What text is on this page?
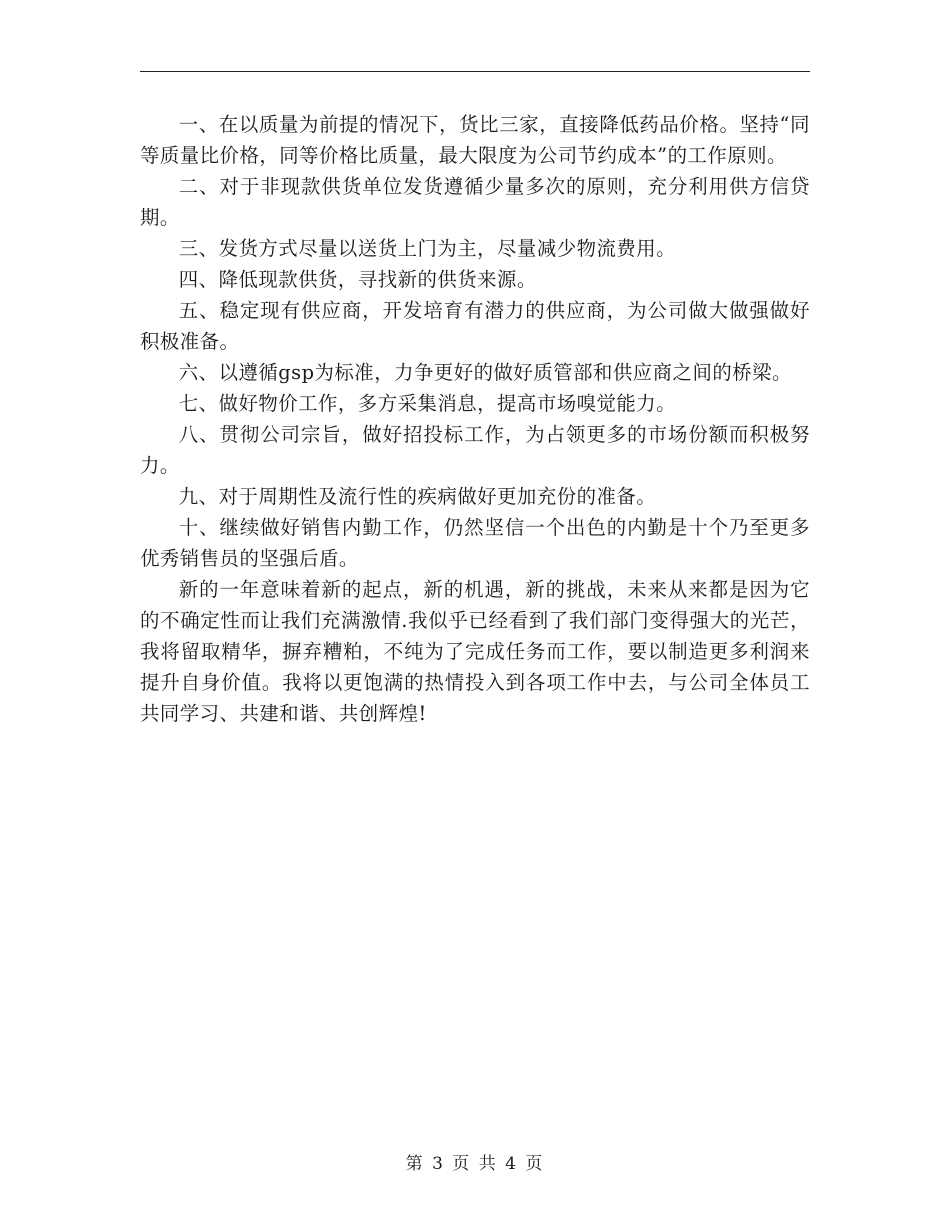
一、在以质量为前提的情况下，货比三家，直接降低药品价格。坚持“同等质量比价格，同等价格比质量，最大限度为公司节约成本”的工作原则。

二、对于非现款供货单位发货遵循少量多次的原则，充分利用供方信贷期。

三、发货方式尽量以送货上门为主，尽量减少物流费用。

四、降低现款供货，寻找新的供货来源。

五、稳定现有供应商，开发培育有潜力的供应商，为公司做大做强做好积极准备。

六、以遵循gsp为标准，力争更好的做好质管部和供应商之间的桥梁。

七、做好物价工作，多方采集消息，提高市场嗅觉能力。

八、贯彻公司宗旨，做好招投标工作，为占领更多的市场份额而积极努力。

九、对于周期性及流行性的疾病做好更加充份的准备。

十、继续做好销售内勤工作，仍然坚信一个出色的内勤是十个乃至更多优秀销售员的坚强后盾。

新的一年意味着新的起点，新的机遇，新的挑战，未来从来都是因为它的不确定性而让我们充满激情.我似乎已经看到了我们部门变得强大的光芒，我将留取精华，摒弃糟粕，不纯为了完成任务而工作，要以制造更多利润来提升自身价值。我将以更饱满的热情投入到各项工作中去，与公司全体员工共同学习、共建和谐、共创辉煌!

第 3 页 共 4 页
